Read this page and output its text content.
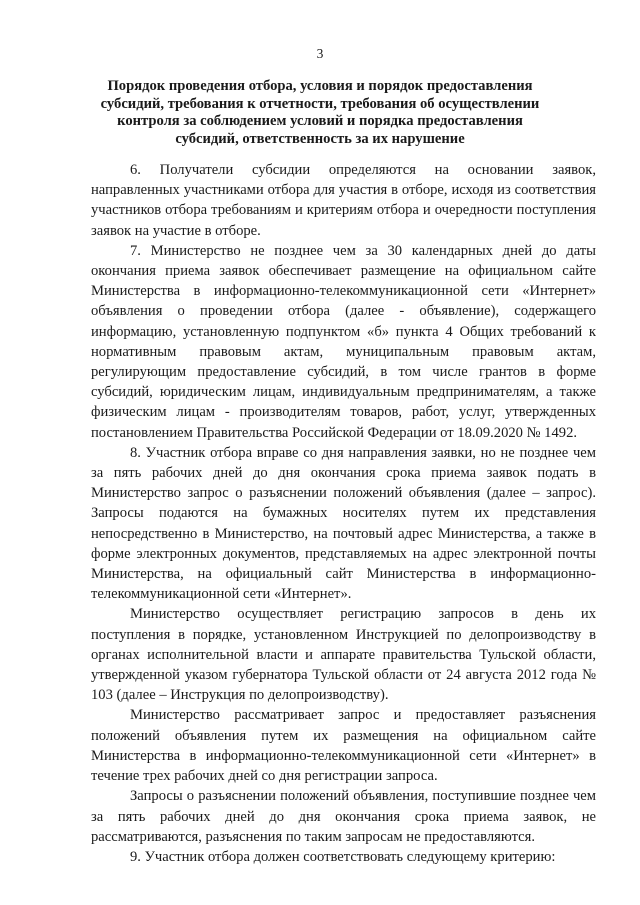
3
Порядок проведения отбора, условия и порядок предоставления субсидий, требования к отчетности, требования об осуществлении контроля за соблюдением условий и порядка предоставления субсидий, ответственность за их нарушение

6. Получатели субсидии определяются на основании заявок, направленных участниками отбора для участия в отборе, исходя из соответствия участников отбора требованиям и критериям отбора и очередности поступления заявок на участие в отборе.

7. Министерство не позднее чем за 30 календарных дней до даты окончания приема заявок обеспечивает размещение на официальном сайте Министерства в информационно-телекоммуникационной сети «Интернет» объявления о проведении отбора (далее - объявление), содержащего информацию, установленную подпунктом «б» пункта 4 Общих требований к нормативным правовым актам, муниципальным правовым актам, регулирующим предоставление субсидий, в том числе грантов в форме субсидий, юридическим лицам, индивидуальным предпринимателям, а также физическим лицам - производителям товаров, работ, услуг, утвержденных постановлением Правительства Российской Федерации от 18.09.2020 № 1492.

8. Участник отбора вправе со дня направления заявки, но не позднее чем за пять рабочих дней до дня окончания срока приема заявок подать в Министерство запрос о разъяснении положений объявления (далее – запрос). Запросы подаются на бумажных носителях путем их представления непосредственно в Министерство, на почтовый адрес Министерства, а также в форме электронных документов, представляемых на адрес электронной почты Министерства, на официальный сайт Министерства в информационно-телекоммуникационной сети «Интернет».

Министерство осуществляет регистрацию запросов в день их поступления в порядке, установленном Инструкцией по делопроизводству в органах исполнительной власти и аппарате правительства Тульской области, утвержденной указом губернатора Тульской области от 24 августа 2012 года № 103 (далее – Инструкция по делопроизводству).

Министерство рассматривает запрос и предоставляет разъяснения положений объявления путем их размещения на официальном сайте Министерства в информационно-телекоммуникационной сети «Интернет» в течение трех рабочих дней со дня регистрации запроса.

Запросы о разъяснении положений объявления, поступившие позднее чем за пять рабочих дней до дня окончания срока приема заявок, не рассматриваются, разъяснения по таким запросам не предоставляются.

9. Участник отбора должен соответствовать следующему критерию:
